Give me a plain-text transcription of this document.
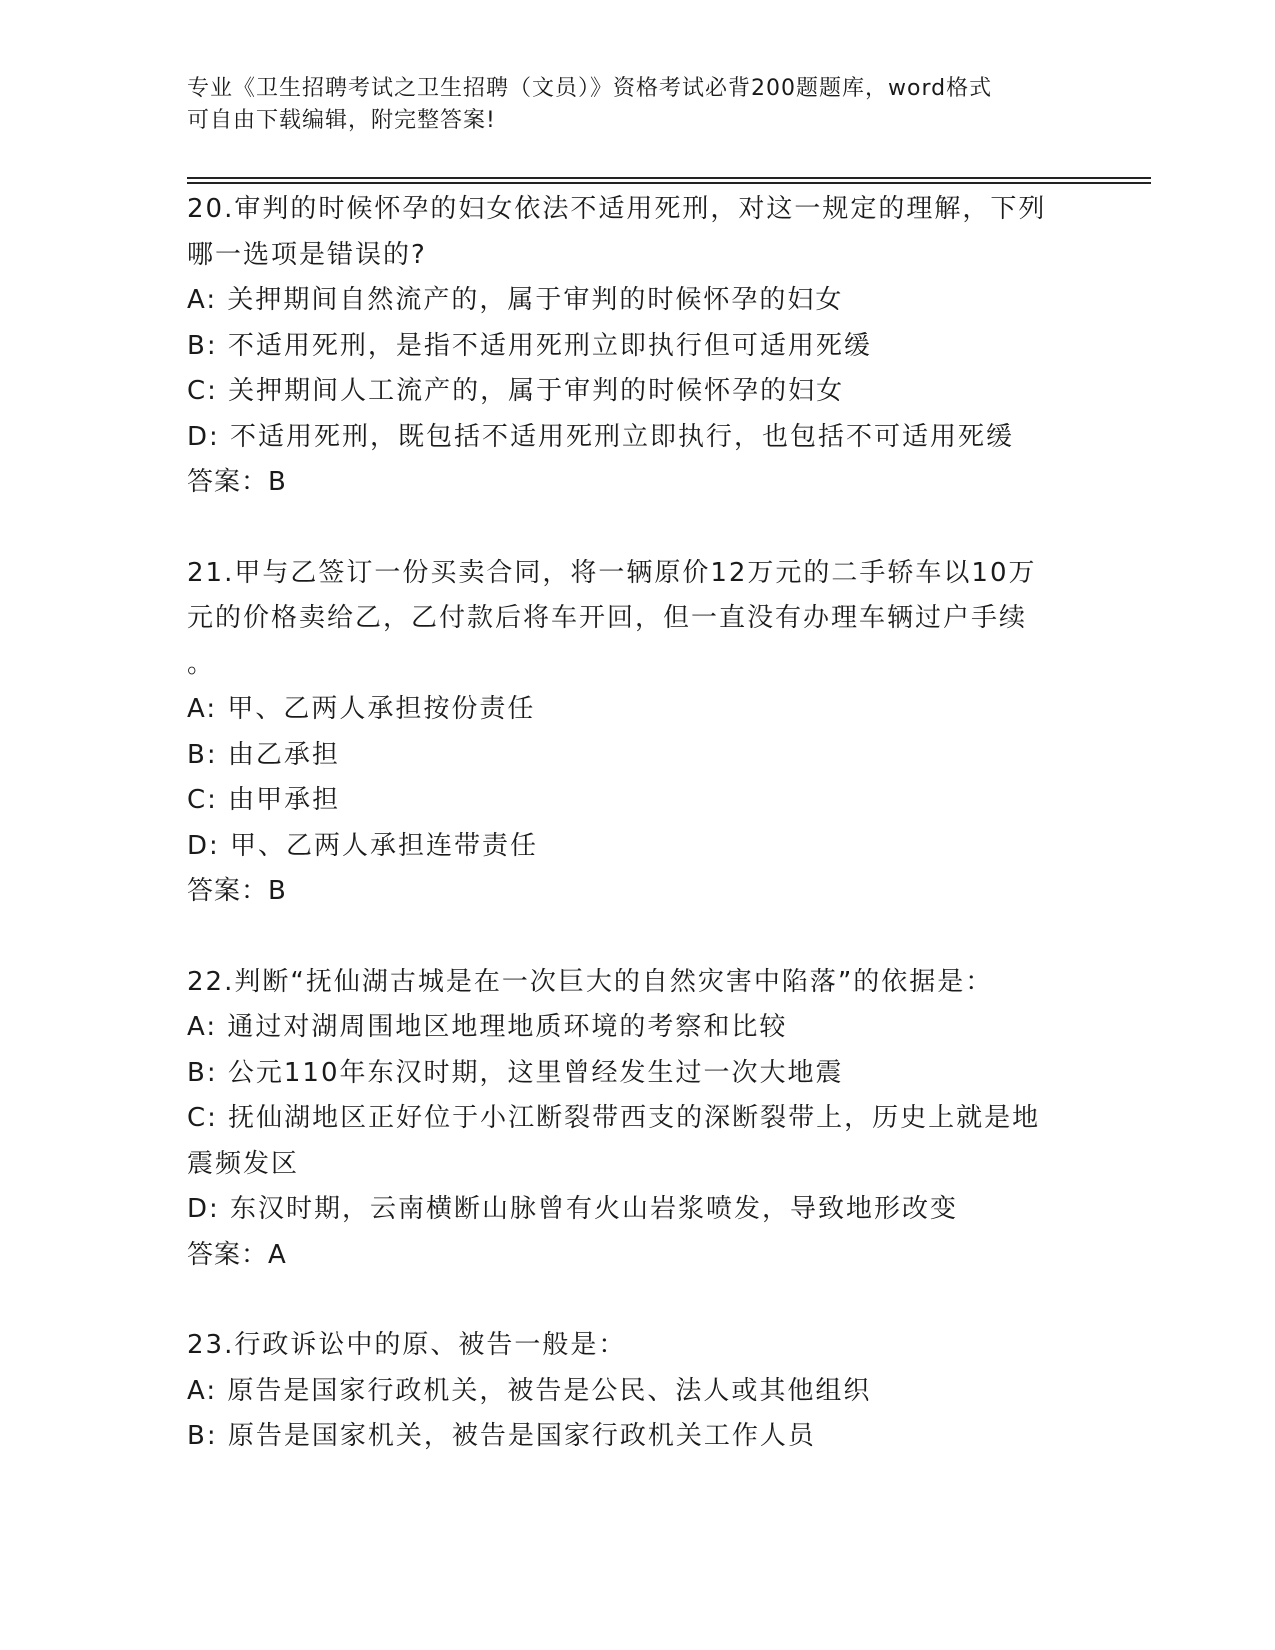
专业《卫生招聘考试之卫生招聘（文员）》资格考试必背200题题库，word格式

可自由下载编辑，附完整答案!

20.审判的时候怀孕的妇女依法不适用死刑，对这一规定的理解，下列

哪一选项是错误的?

A: 关押期间自然流产的，属于审判的时候怀孕的妇女

B: 不适用死刑，是指不适用死刑立即执行但可适用死缓

C: 关押期间人工流产的，属于审判的时候怀孕的妇女

D: 不适用死刑，既包括不适用死刑立即执行，也包括不可适用死缓

答案：B

21.甲与乙签订一份买卖合同，将一辆原价12万元的二手轿车以10万

元的价格卖给乙，乙付款后将车开回，但一直没有办理车辆过户手续

。

A: 甲、乙两人承担按份责任

B: 由乙承担

C: 由甲承担

D: 甲、乙两人承担连带责任

答案：B

22.判断“抚仙湖古城是在一次巨大的自然灾害中陷落”的依据是：

A: 通过对湖周围地区地理地质环境的考察和比较

B: 公元110年东汉时期，这里曾经发生过一次大地震

C: 抚仙湖地区正好位于小江断裂带西支的深断裂带上，历史上就是地

震频发区

D: 东汉时期，云南横断山脉曾有火山岩浆喷发，导致地形改变

答案：A

23.行政诉讼中的原、被告一般是：

A: 原告是国家行政机关，被告是公民、法人或其他组织

B: 原告是国家机关，被告是国家行政机关工作人员
